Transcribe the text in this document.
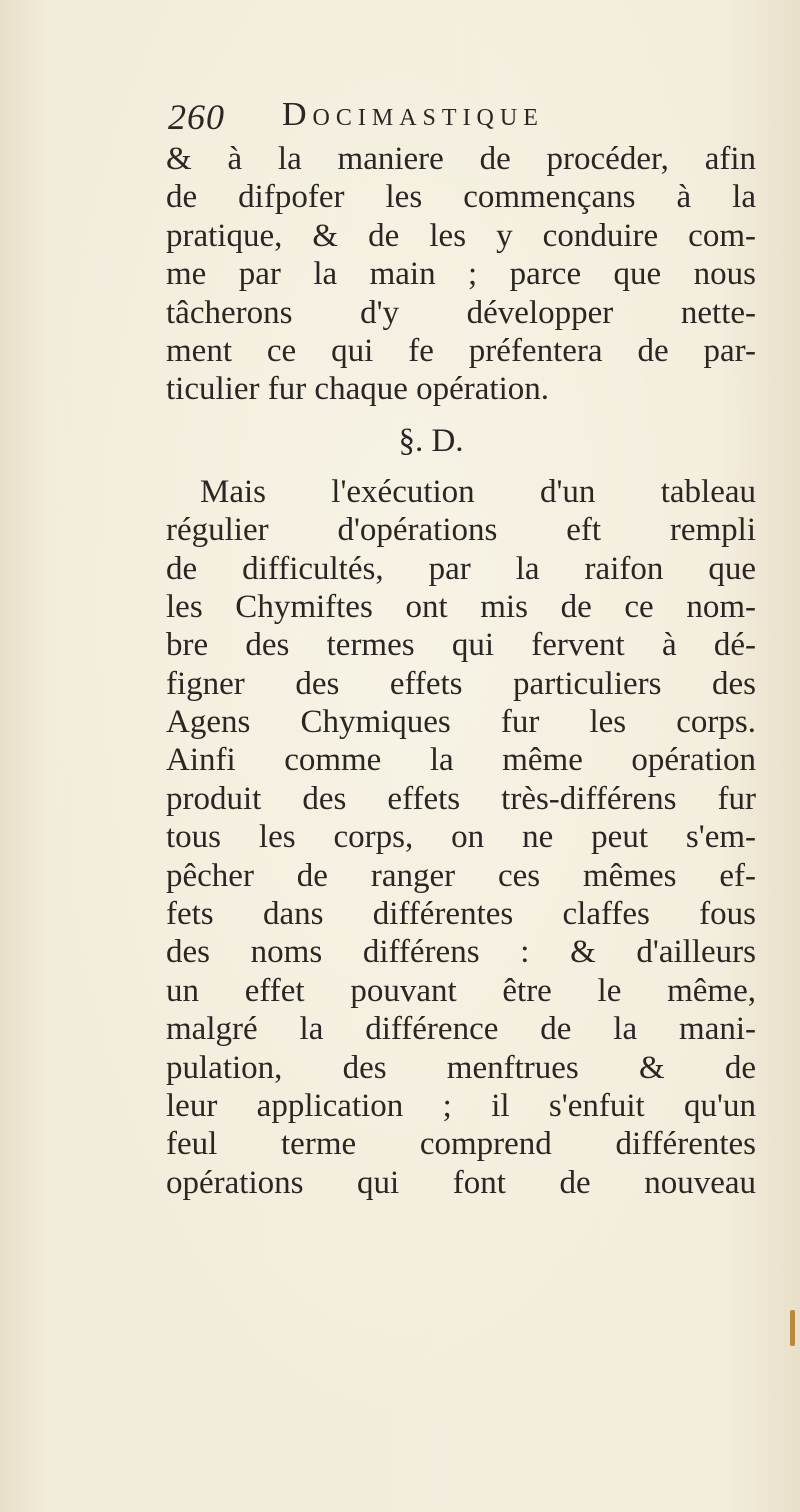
260 Docimastique
& à la maniere de procéder, afin
de difpofer les commençans à la
pratique, & de les y conduire com-
me par la main ; parce que nous
tâcherons d'y développer nette-
ment ce qui fe préfentera de par-
ticulier fur chaque opération.
§. D.
Mais l'exécution d'un tableau
régulier d'opérations eft rempli
de difficultés, par la raifon que
les Chymiftes ont mis de ce nom-
bre des termes qui fervent à dé-
figner des effets particuliers des
Agens Chymiques fur les corps.
Ainfi comme la même opération
produit des effets très-différens fur
tous les corps, on ne peut s'em-
pêcher de ranger ces mêmes ef-
fets dans différentes claffes fous
des noms différens : & d'ailleurs
un effet pouvant être le même,
malgré la différence de la mani-
pulation, des menftrues & de
leur application ; il s'enfuit qu'un
feul terme comprend différentes
opérations qui font de nouveau
